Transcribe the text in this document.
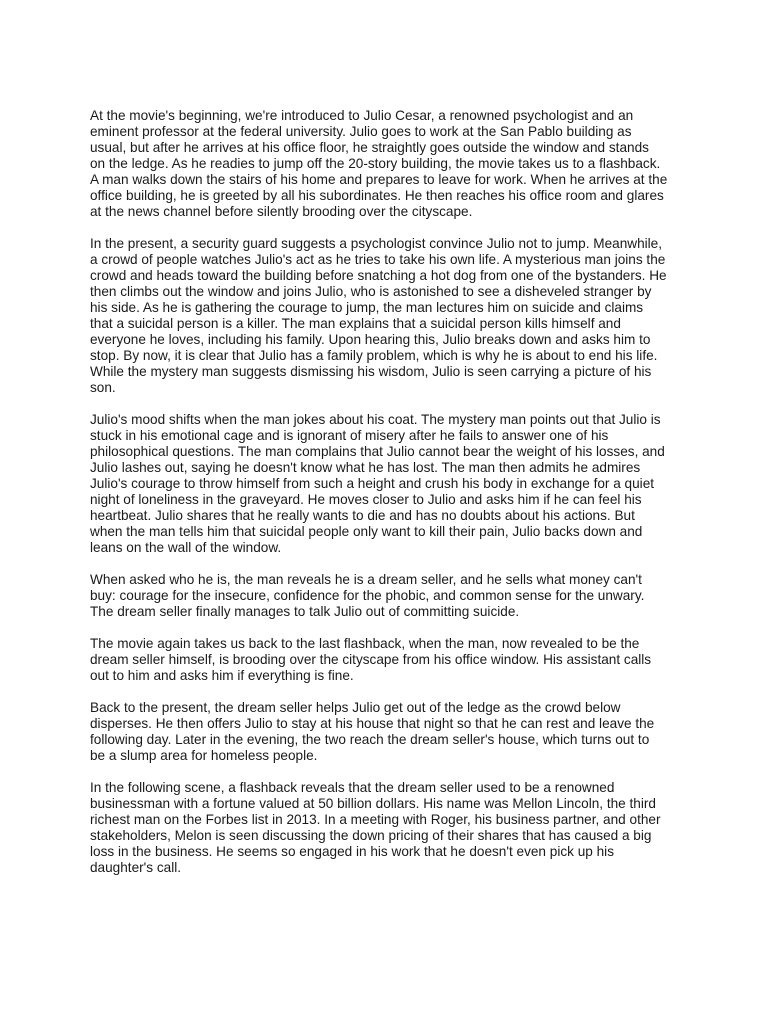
At the movie's beginning, we're introduced to Julio Cesar, a renowned psychologist and an
eminent professor at the federal university. Julio goes to work at the San Pablo building as
usual, but after he arrives at his office floor, he straightly goes outside the window and stands
on the ledge. As he readies to jump off the 20-story building, the movie takes us to a flashback.
A man walks down the stairs of his home and prepares to leave for work. When he arrives at the
office building, he is greeted by all his subordinates. He then reaches his office room and glares
at the news channel before silently brooding over the cityscape.

In the present, a security guard suggests a psychologist convince Julio not to jump. Meanwhile,
a crowd of people watches Julio's act as he tries to take his own life. A mysterious man joins the
crowd and heads toward the building before snatching a hot dog from one of the bystanders. He
then climbs out the window and joins Julio, who is astonished to see a disheveled stranger by
his side. As he is gathering the courage to jump, the man lectures him on suicide and claims
that a suicidal person is a killer. The man explains that a suicidal person kills himself and
everyone he loves, including his family. Upon hearing this, Julio breaks down and asks him to
stop. By now, it is clear that Julio has a family problem, which is why he is about to end his life.
While the mystery man suggests dismissing his wisdom, Julio is seen carrying a picture of his
son.

Julio's mood shifts when the man jokes about his coat. The mystery man points out that Julio is
stuck in his emotional cage and is ignorant of misery after he fails to answer one of his
philosophical questions. The man complains that Julio cannot bear the weight of his losses, and
Julio lashes out, saying he doesn't know what he has lost. The man then admits he admires
Julio's courage to throw himself from such a height and crush his body in exchange for a quiet
night of loneliness in the graveyard. He moves closer to Julio and asks him if he can feel his
heartbeat. Julio shares that he really wants to die and has no doubts about his actions. But
when the man tells him that suicidal people only want to kill their pain, Julio backs down and
leans on the wall of the window.

When asked who he is, the man reveals he is a dream seller, and he sells what money can't
buy: courage for the insecure, confidence for the phobic, and common sense for the unwary.
The dream seller finally manages to talk Julio out of committing suicide.

The movie again takes us back to the last flashback, when the man, now revealed to be the
dream seller himself, is brooding over the cityscape from his office window. His assistant calls
out to him and asks him if everything is fine.

Back to the present, the dream seller helps Julio get out of the ledge as the crowd below
disperses. He then offers Julio to stay at his house that night so that he can rest and leave the
following day. Later in the evening, the two reach the dream seller's house, which turns out to
be a slump area for homeless people.

In the following scene, a flashback reveals that the dream seller used to be a renowned
businessman with a fortune valued at 50 billion dollars. His name was Mellon Lincoln, the third
richest man on the Forbes list in 2013. In a meeting with Roger, his business partner, and other
stakeholders, Melon is seen discussing the down pricing of their shares that has caused a big
loss in the business. He seems so engaged in his work that he doesn't even pick up his
daughter's call.
